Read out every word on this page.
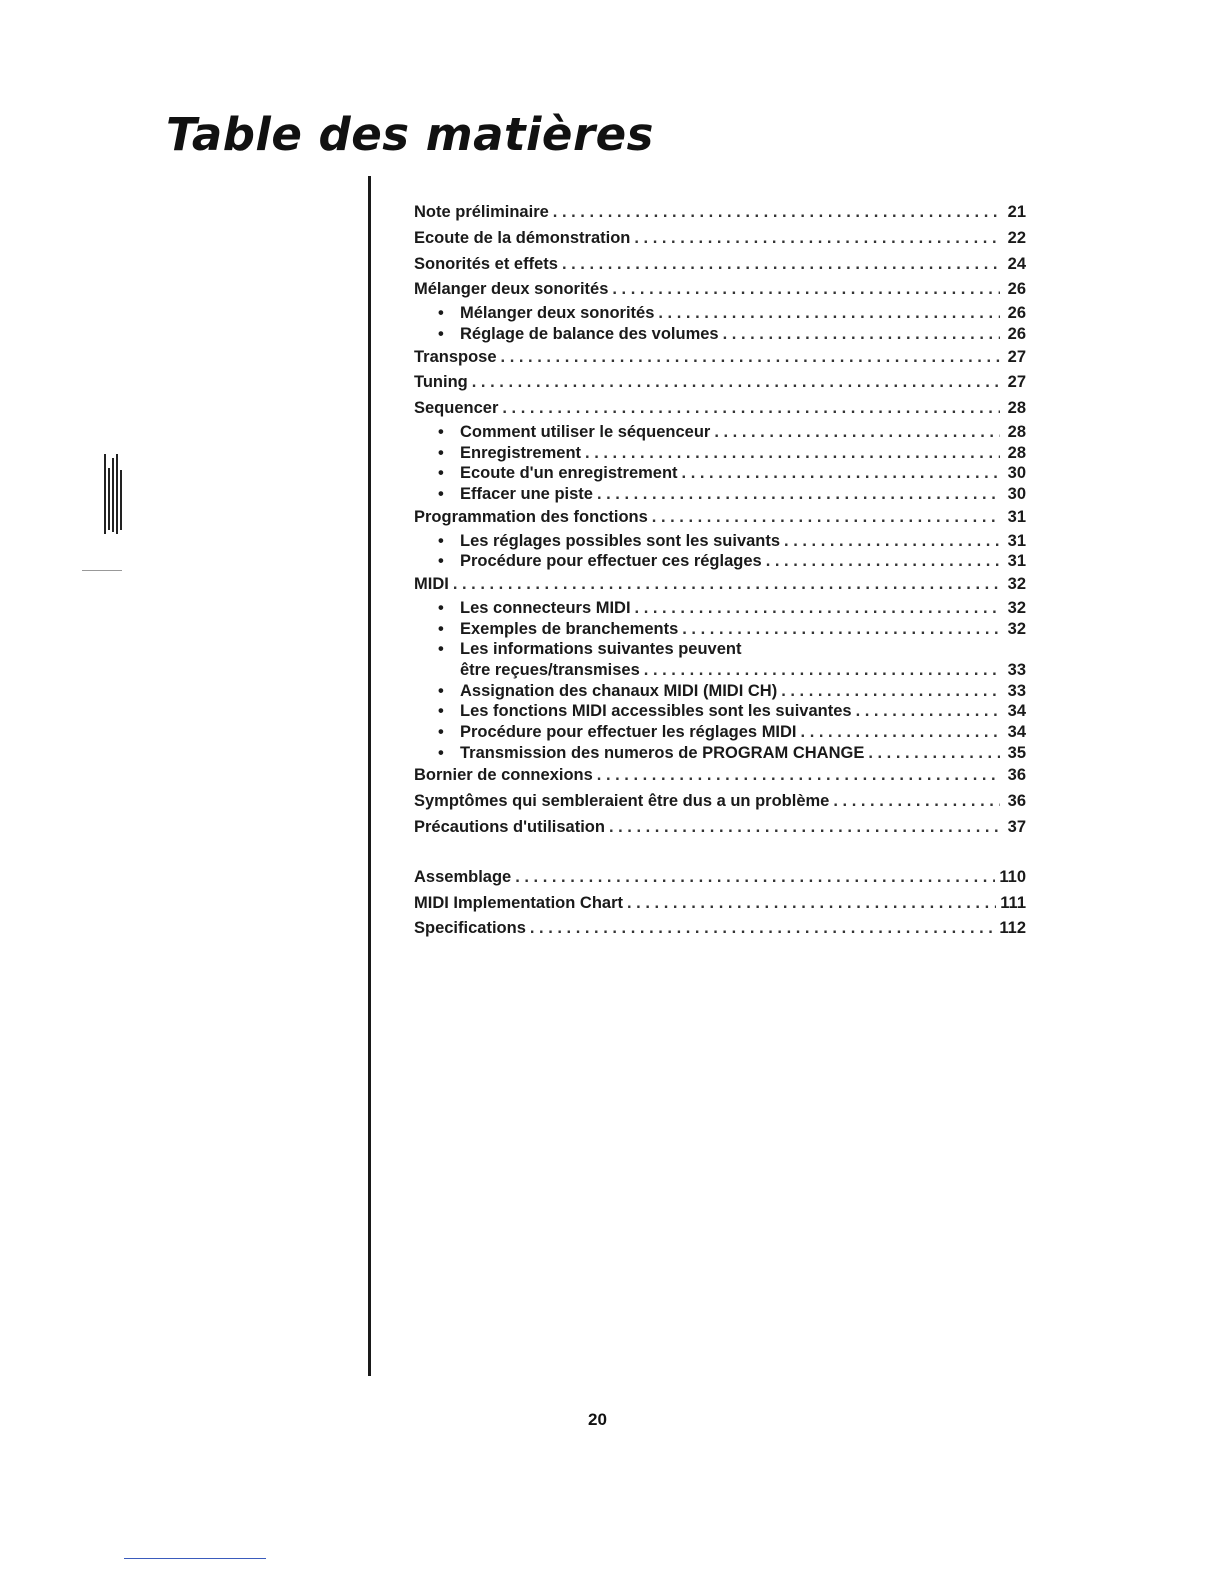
Table des matières
Note préliminaire . . .	21
Ecoute de la démonstration . . .	22
Sonorités et effets . . .	24
Mélanger deux sonorités . . .	26
• Mélanger deux sonorités . . .	26
• Réglage de balance des volumes . . .	26
Transpose . . .	27
Tuning . . .	27
Sequencer . . .	28
• Comment utiliser le séquenceur . . .	28
• Enregistrement . . .	28
• Ecoute d'un enregistrement . . .	30
• Effacer une piste . . .	30
Programmation des fonctions . . .	31
• Les réglages possibles sont les suivants . . .	31
• Procédure pour effectuer ces réglages . . .	31
MIDI . . .	32
• Les connecteurs MIDI . . .	32
• Exemples de branchements . . .	32
• Les informations suivantes peuvent
être reçues/transmises . . .	33
• Assignation des chanaux MIDI (MIDI CH) . . .	33
• Les fonctions MIDI accessibles sont les suivantes . . .	34
• Procédure pour effectuer les réglages MIDI . . .	34
• Transmission des numeros de PROGRAM CHANGE . . .	35
Bornier de connexions . . .	36
Symptômes qui sembleraient être dus a un problème . . .	36
Précautions d'utilisation . . .	37
Assemblage . . .	110
MIDI Implementation Chart . . .	111
Specifications . . .	112
20
